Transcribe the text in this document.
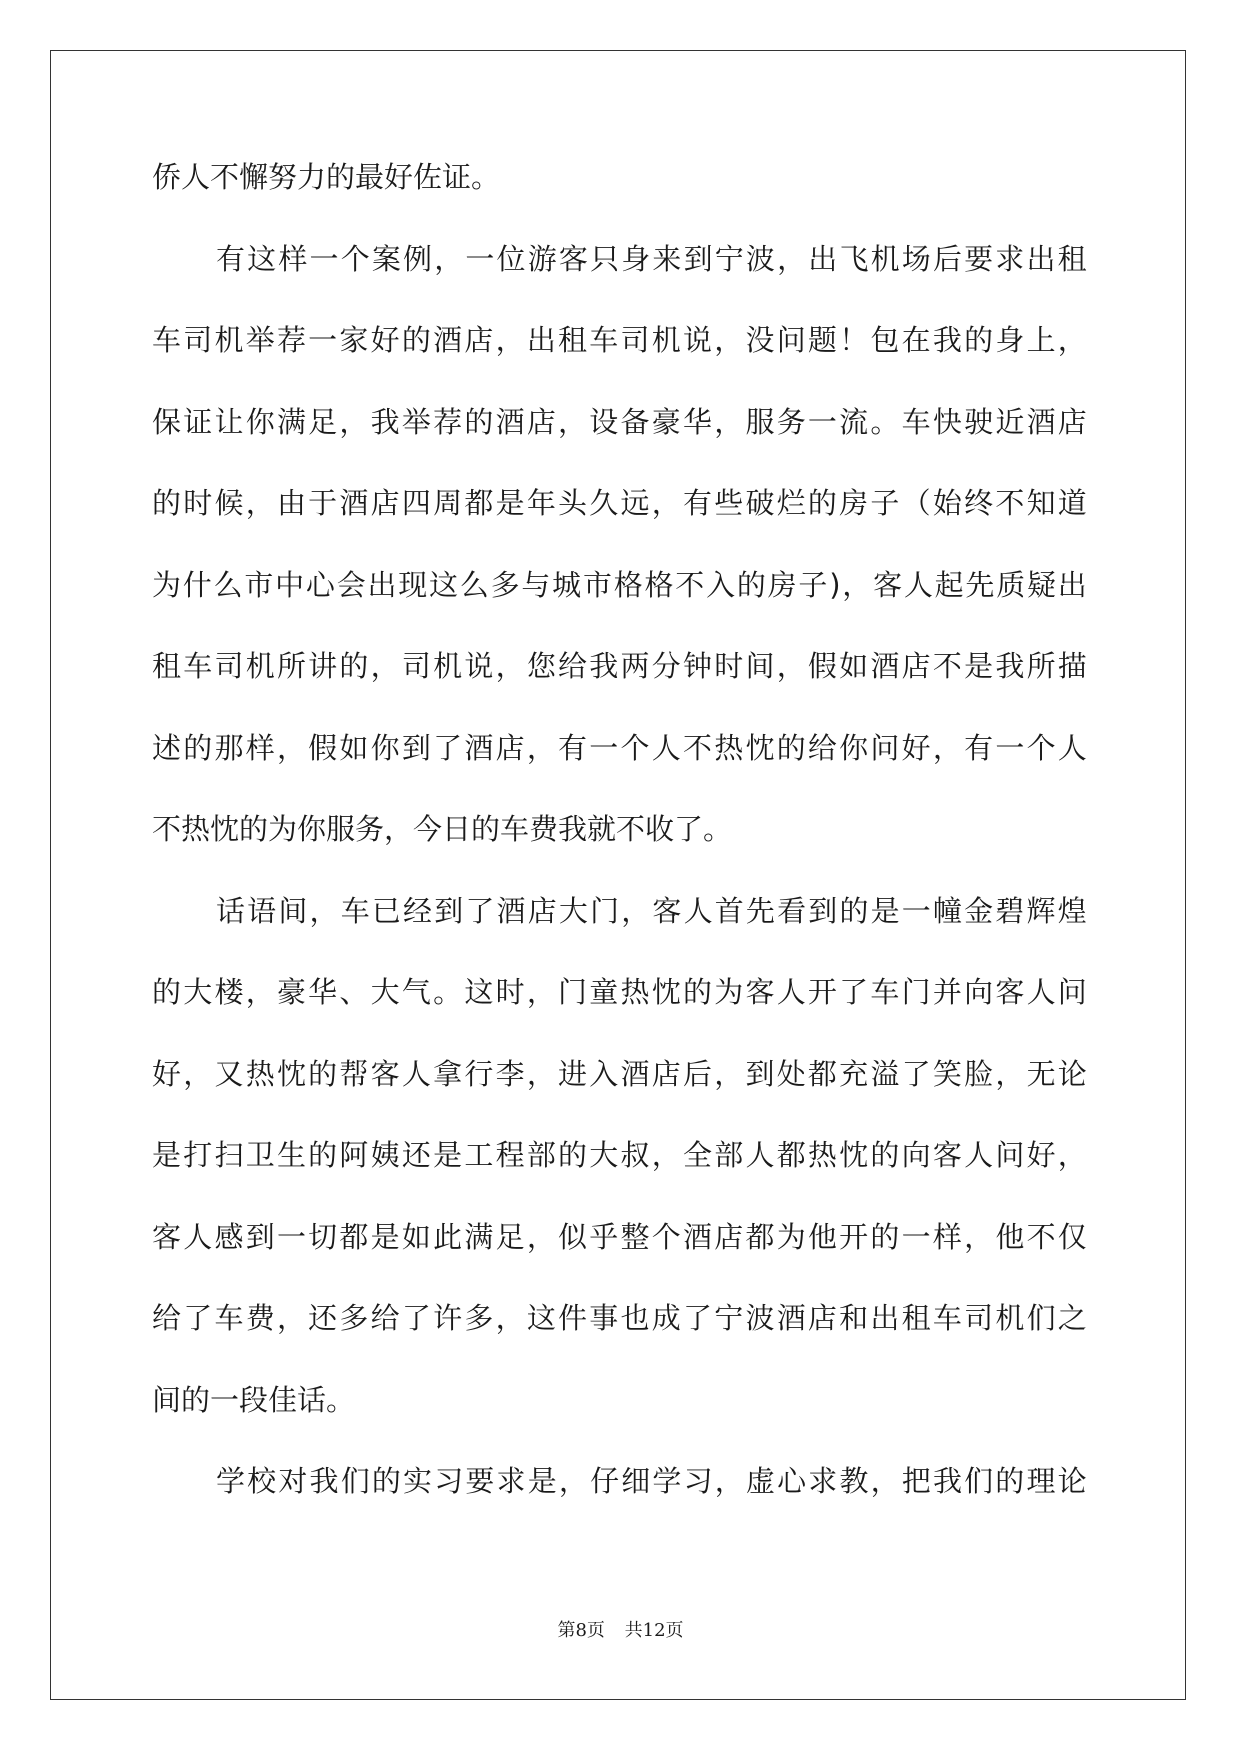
侨人不懈努力的最好佐证。
有 这 样 一 个 案 例 ， 一 位 游 客 只 身 来 到 宁 波 ， 出 飞 机 场 后 要 求 出 租
车 司 机 举 荐 一 家 好 的 酒 店 ， 出 租 车 司 机 说 ， 没 问 题 ！ 包 在 我 的 身 上 ，
保 证 让 你 满 足 ， 我 举 荐 的 酒 店 ， 设 备 豪 华 ， 服 务 一 流 。 车 快 驶 近 酒 店
的 时 候 ， 由 于 酒 店 四 周 都 是 年 头 久 远 ， 有 些 破 烂 的 房 子 （ 始 终 不 知 道
为 什 么 市 中 心 会 出 现 这 么 多 与 城 市 格 格 不 入 的 房 子 ) ， 客 人 起 先 质 疑 出
租 车 司 机 所 讲 的 ， 司 机 说 ， 您 给 我 两 分 钟 时 间 ， 假 如 酒 店 不 是 我 所 描
述 的 那 样 ， 假 如 你 到 了 酒 店 ， 有 一 个 人 不 热 忱 的 给 你 问 好 ， 有 一 个 人
不热忱的为你服务，今日的车费我就不收了。
话 语 间 ， 车 已 经 到 了 酒 店 大 门 ， 客 人 首 先 看 到 的 是 一 幢 金 碧 辉 煌
的 大 楼 ， 豪 华 、 大 气 。 这 时 ， 门 童 热 忱 的 为 客 人 开 了 车 门 并 向 客 人 问
好 ， 又 热 忱 的 帮 客 人 拿 行 李 ， 进 入 酒 店 后 ， 到 处 都 充 溢 了 笑 脸 ， 无 论
是 打 扫 卫 生 的 阿 姨 还 是 工 程 部 的 大 叔 ， 全 部 人 都 热 忱 的 向 客 人 问 好 ，
客 人 感 到 一 切 都 是 如 此 满 足 ， 似 乎 整 个 酒 店 都 为 他 开 的 一 样 ， 他 不 仅
给 了 车 费 ， 还 多 给 了 许 多 ， 这 件 事 也 成 了 宁 波 酒 店 和 出 租 车 司 机 们 之
间的一段佳话。
学 校 对 我 们 的 实 习 要 求 是 ， 仔 细 学 习 ， 虚 心 求 教 ， 把 我 们 的 理 论
第8页 共12页
